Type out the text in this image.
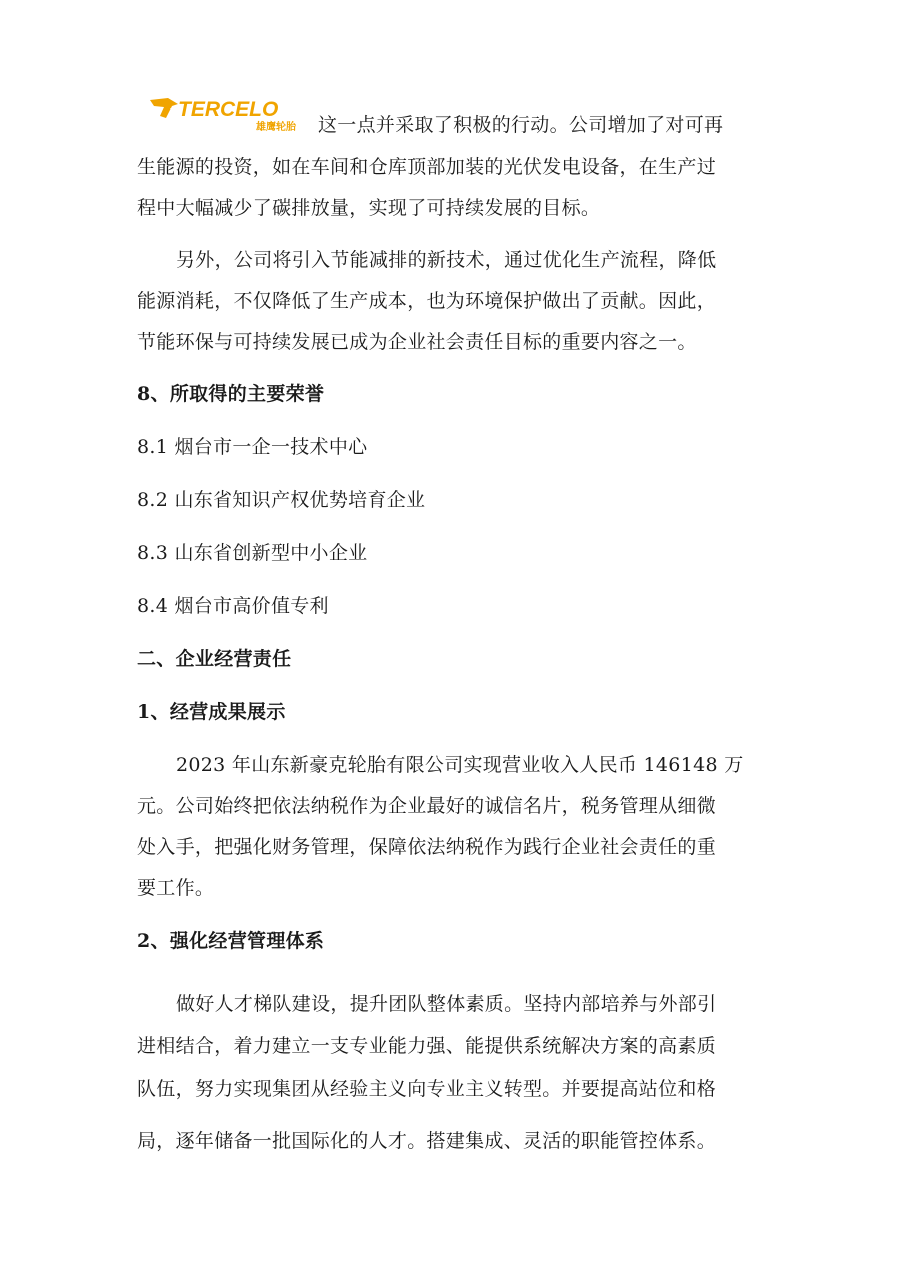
TERCELO
雄鹰轮胎 这一点并采取了积极的行动。公司增加了对可再
生能源的投资，如在车间和仓库顶部加装的光伏发电设备，在生产过
程中大幅减少了碳排放量，实现了可持续发展的目标。
另外，公司将引入节能减排的新技术，通过优化生产流程，降低
能源消耗，不仅降低了生产成本，也为环境保护做出了贡献。因此，
节能环保与可持续发展已成为企业社会责任目标的重要内容之一。
8、所取得的主要荣誉
8.1 烟台市一企一技术中心
8.2 山东省知识产权优势培育企业
8.3 山东省创新型中小企业
8.4 烟台市高价值专利
二、企业经营责任
1、经营成果展示
2023 年山东新豪克轮胎有限公司实现营业收入人民币 146148 万
元。公司始终把依法纳税作为企业最好的诚信名片，税务管理从细微
处入手，把强化财务管理，保障依法纳税作为践行企业社会责任的重
要工作。
2、强化经营管理体系
做好人才梯队建设，提升团队整体素质。坚持内部培养与外部引
进相结合，着力建立一支专业能力强、能提供系统解决方案的高素质
队伍，努力实现集团从经验主义向专业主义转型。并要提高站位和格
局，逐年储备一批国际化的人才。搭建集成、灵活的职能管控体系。
